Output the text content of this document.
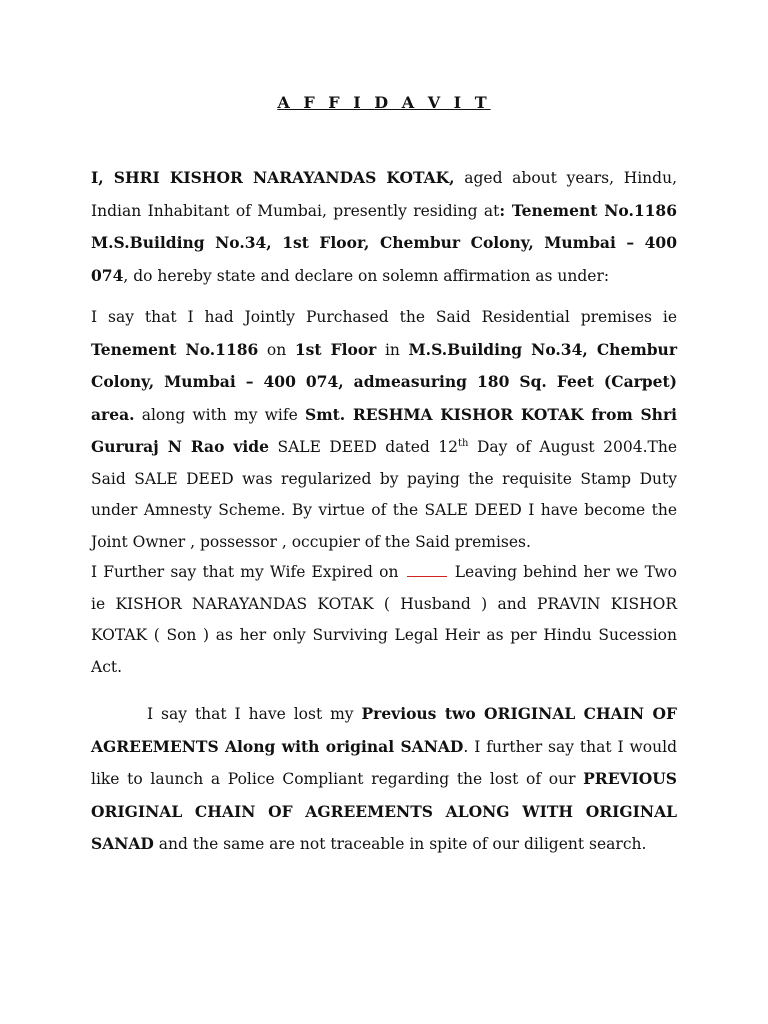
A F F I D A V I T
I, SHRI KISHOR NARAYANDAS KOTAK, aged about years, Hindu, Indian Inhabitant of Mumbai, presently residing at: Tenement No.1186 M.S.Building No.34, 1st Floor, Chembur Colony, Mumbai – 400 074, do hereby state and declare on solemn affirmation as under:
I say that I had Jointly Purchased the Said Residential premises ie Tenement No.1186 on 1st Floor in M.S.Building No.34, Chembur Colony, Mumbai – 400 074, admeasuring 180 Sq. Feet (Carpet) area. along with my wife Smt. RESHMA KISHOR KOTAK from Shri Gururaj N Rao vide SALE DEED dated 12th Day of August 2004.The Said SALE DEED was regularized by paying the requisite Stamp Duty under Amnesty Scheme. By virtue of the SALE DEED I have become the Joint Owner , possessor , occupier of the Said premises.
I Further say that my Wife Expired on	Leaving behind her we Two ie KISHOR NARAYANDAS KOTAK ( Husband ) and PRAVIN KISHOR KOTAK ( Son ) as her only Surviving Legal Heir as per Hindu Sucession Act.
I say that I have lost my Previous two ORIGINAL CHAIN OF AGREEMENTS Along with original SANAD. I further say that I would like to launch a Police Compliant regarding the lost of our PREVIOUS ORIGINAL CHAIN OF AGREEMENTS ALONG WITH ORIGINAL SANAD and the same are not traceable in spite of our diligent search.
